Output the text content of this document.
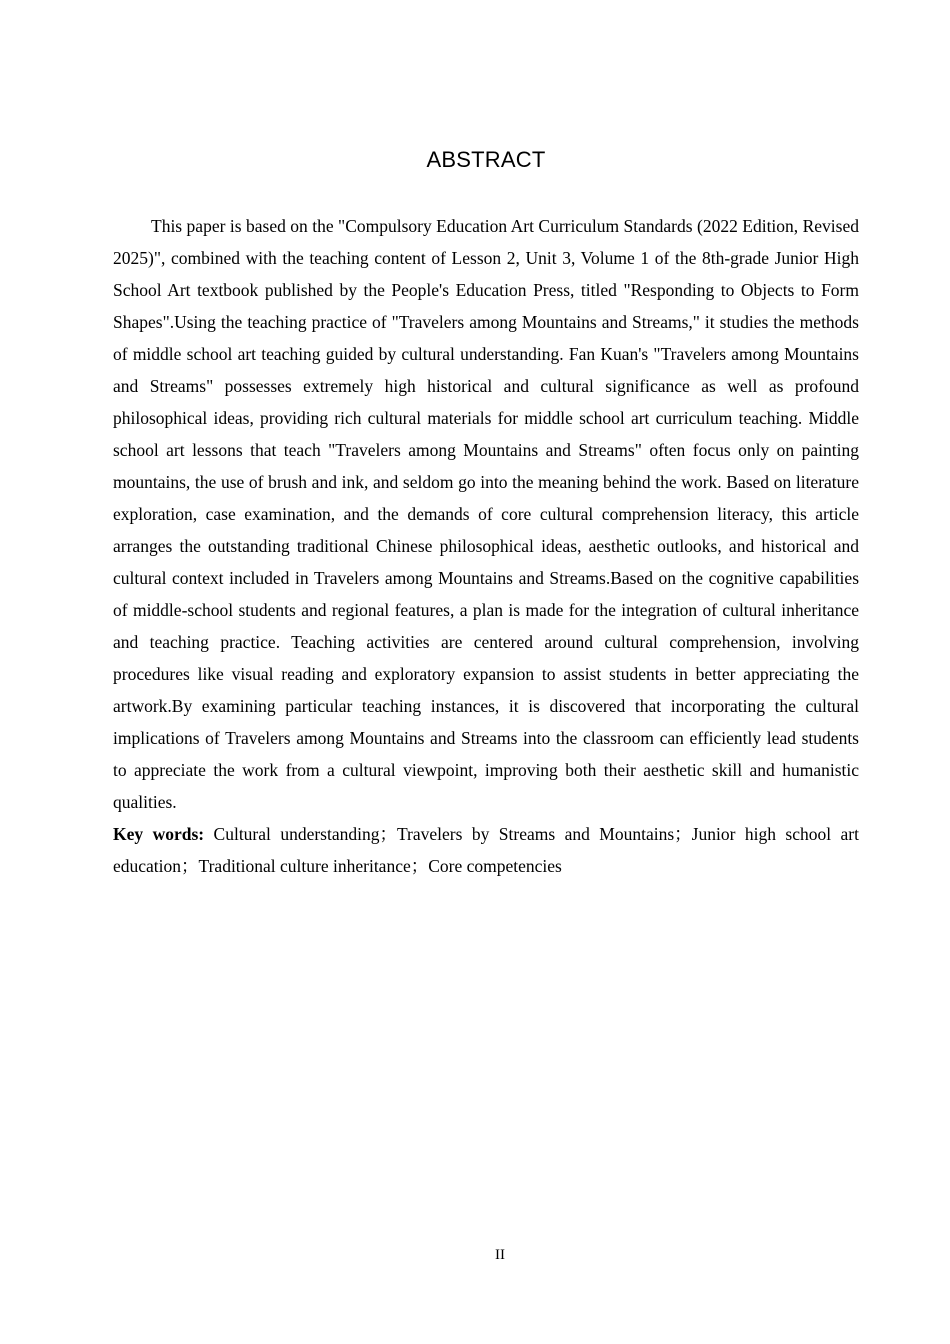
ABSTRACT

This paper is based on the "Compulsory Education Art Curriculum Standards (2022 Edition, Revised 2025)", combined with the teaching content of Lesson 2, Unit 3, Volume 1 of the 8th-grade Junior High School Art textbook published by the People's Education Press, titled "Responding to Objects to Form Shapes".Using the teaching practice of "Travelers among Mountains and Streams," it studies the methods of middle school art teaching guided by cultural understanding. Fan Kuan's "Travelers among Mountains and Streams" possesses extremely high historical and cultural significance as well as profound philosophical ideas, providing rich cultural materials for middle school art curriculum teaching. Middle school art lessons that teach "Travelers among Mountains and Streams" often focus only on painting mountains, the use of brush and ink, and seldom go into the meaning behind the work. Based on literature exploration, case examination, and the demands of core cultural comprehension literacy, this article arranges the outstanding traditional Chinese philosophical ideas, aesthetic outlooks, and historical and cultural context included in Travelers among Mountains and Streams.Based on the cognitive capabilities of middle-school students and regional features, a plan is made for the integration of cultural inheritance and teaching practice. Teaching activities are centered around cultural comprehension, involving procedures like visual reading and exploratory expansion to assist students in better appreciating the artwork.By examining particular teaching instances, it is discovered that incorporating the cultural implications of Travelers among Mountains and Streams into the classroom can efficiently lead students to appreciate the work from a cultural viewpoint, improving both their aesthetic skill and humanistic qualities.

Key words: Cultural understanding；Travelers by Streams and Mountains；Junior high school art education；Traditional culture inheritance；Core competencies

II
